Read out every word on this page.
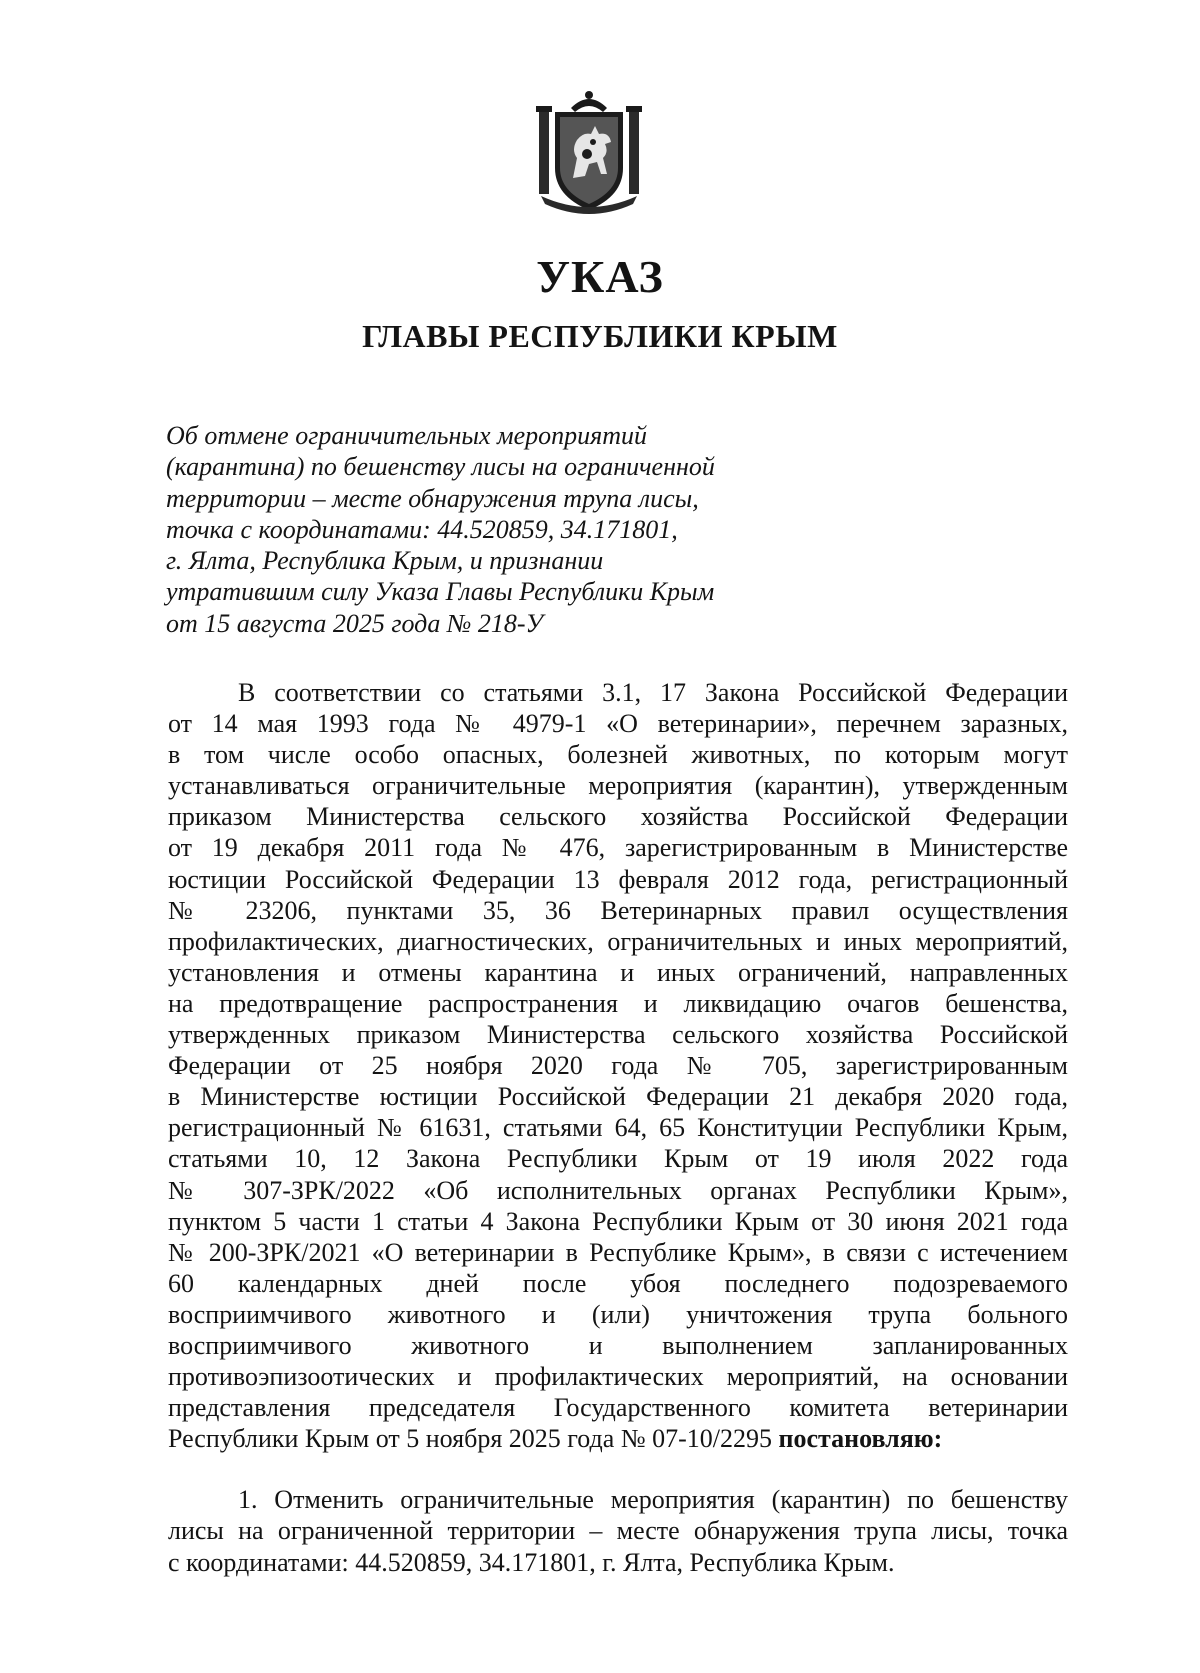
УКАЗ
ГЛАВЫ РЕСПУБЛИКИ КРЫМ
Об отмене ограничительных мероприятий
(карантина) по бешенству лисы на ограниченной
территории – месте обнаружения трупа лисы,
точка с координатами: 44.520859, 34.171801,
г. Ялта, Республика Крым, и признании
утратившим силу Указа Главы Республики Крым
от 15 августа 2025 года № 218-У
В соответствии со статьями 3.1, 17 Закона Российской Федерации
от 14 мая 1993 года № 4979-1 «О ветеринарии», перечнем заразных,
в том числе особо опасных, болезней животных, по которым могут
устанавливаться ограничительные мероприятия (карантин), утвержденным
приказом Министерства сельского хозяйства Российской Федерации
от 19 декабря 2011 года № 476, зарегистрированным в Министерстве
юстиции Российской Федерации 13 февраля 2012 года, регистрационный
№ 23206, пунктами 35, 36 Ветеринарных правил осуществления
профилактических, диагностических, ограничительных и иных мероприятий,
установления и отмены карантина и иных ограничений, направленных
на предотвращение распространения и ликвидацию очагов бешенства,
утвержденных приказом Министерства сельского хозяйства Российской
Федерации от 25 ноября 2020 года № 705, зарегистрированным
в Министерстве юстиции Российской Федерации 21 декабря 2020 года,
регистрационный № 61631, статьями 64, 65 Конституции Республики Крым,
статьями 10, 12 Закона Республики Крым от 19 июля 2022 года
№ 307-ЗРК/2022 «Об исполнительных органах Республики Крым»,
пунктом 5 части 1 статьи 4 Закона Республики Крым от 30 июня 2021 года
№ 200-ЗРК/2021 «О ветеринарии в Республике Крым», в связи с истечением
60 календарных дней после убоя последнего подозреваемого
восприимчивого животного и (или) уничтожения трупа больного
восприимчивого животного и выполнением запланированных
противоэпизоотических и профилактических мероприятий, на основании
представления председателя Государственного комитета ветеринарии
Республики Крым от 5 ноября 2025 года № 07-10/2295 постановляю:
1. Отменить ограничительные мероприятия (карантин) по бешенству
лисы на ограниченной территории – месте обнаружения трупа лисы, точка
с координатами: 44.520859, 34.171801, г. Ялта, Республика Крым.
